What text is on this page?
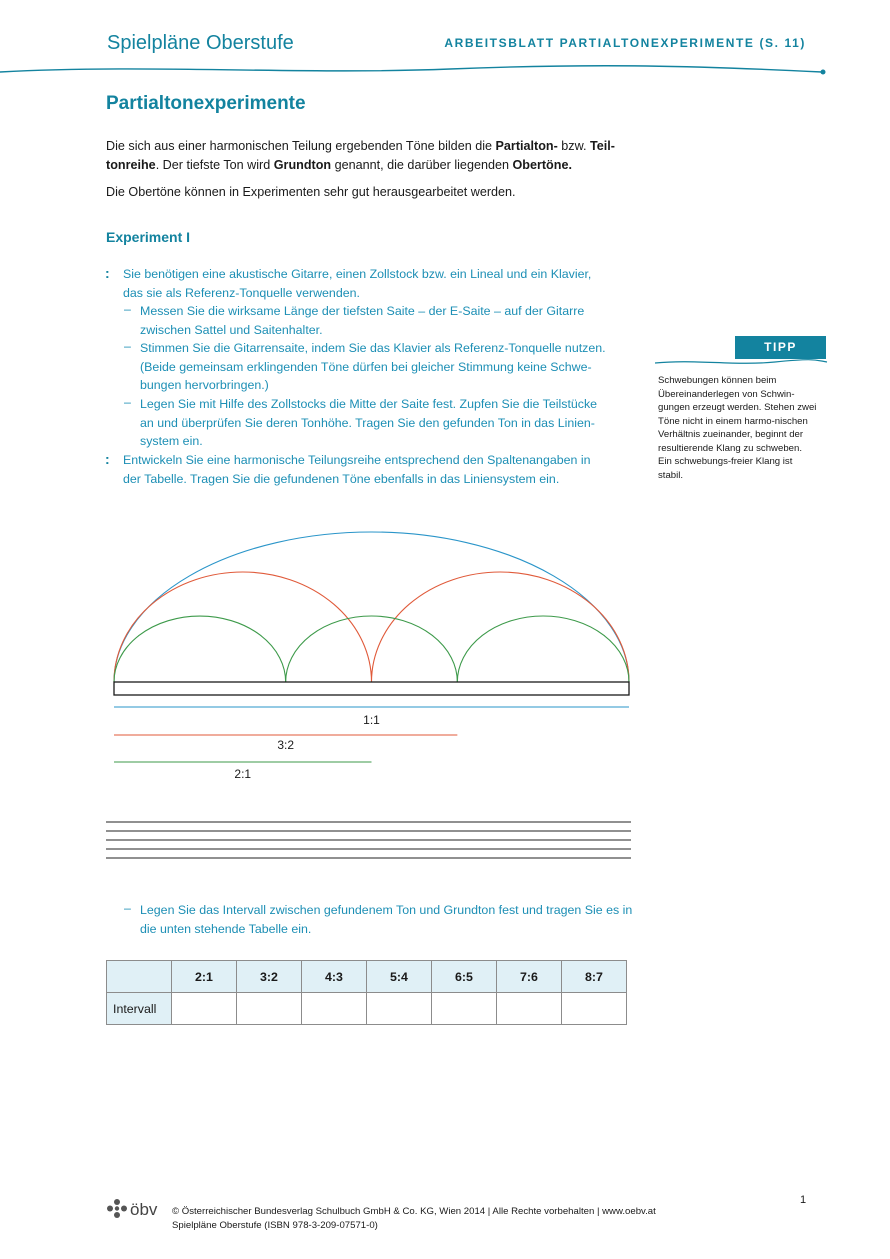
Spielpläne Oberstufe	ARBEITSBLATT PARTIALTONEXPERIMENTE (S. 11)
Partialtonexperimente
Die sich aus einer harmonischen Teilung ergebenden Töne bilden die Partialton- bzw. Teil-
tonreihe. Der tiefste Ton wird Grundton genannt, die darüber liegenden Obertöne.
Die Obertöne können in Experimenten sehr gut herausgearbeitet werden.
Experiment I
: Sie benötigen eine akustische Gitarre, einen Zollstock bzw. ein Lineal und ein Klavier,
das sie als Referenz-Tonquelle verwenden.
– Messen Sie die wirksame Länge der tiefsten Saite – der E-Saite – auf der Gitarre
zwischen Sattel und Saitenhalter.
– Stimmen Sie die Gitarrensaite, indem Sie das Klavier als Referenz-Tonquelle nutzen.
(Beide gemeinsam erklingenden Töne dürfen bei gleicher Stimmung keine Schwe-
bungen hervorbringen.)
– Legen Sie mit Hilfe des Zollstocks die Mitte der Saite fest. Zupfen Sie die Teilstücke
an und überprüfen Sie deren Tonhöhe. Tragen Sie den gefunden Ton in das Linien-
system ein.
: Entwickeln Sie eine harmonische Teilungsreihe entsprechend den Spaltenangaben in
der Tabelle. Tragen Sie die gefundenen Töne ebenfalls in das Liniensystem ein.
TIPP
Schwebungen können beim Übereinanderlegen von Schwin-gungen erzeugt werden. Stehen zwei Töne nicht in einem harmo-nischen Verhältnis zueinander, beginnt der resultierende Klang zu schweben. Ein schwebungs-freier Klang ist stabil.
1:1
3:2
2:1
– Legen Sie das Intervall zwischen gefundenem Ton und Grundton fest und tragen Sie es in die unten stehende Tabelle ein.
	2:1	3:2	4:3	5:4	6:5	7:6	8:7
Intervall							
öbv © Österreichischer Bundesverlag Schulbuch GmbH & Co. KG, Wien 2014 | Alle Rechte vorbehalten | www.oebv.at
Spielpläne Oberstufe (ISBN 978-3-209-07571-0)
1
